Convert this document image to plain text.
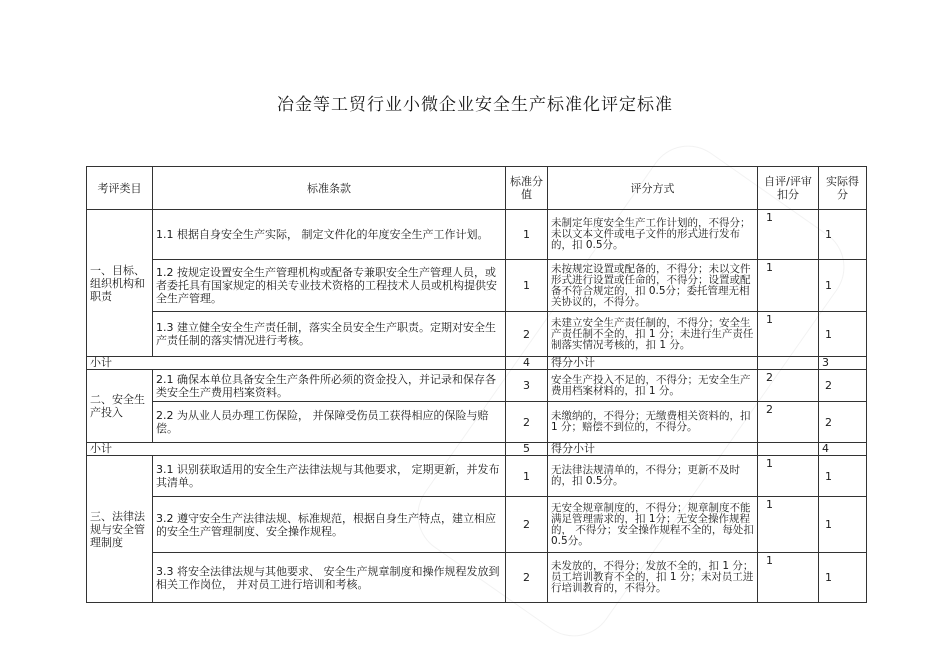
冶金等工贸行业小微企业安全生产标准化评定标准
考评类目	标准条款	标准分值	评分方式	自评/评审扣分	实际得分
一、目标、组织机构和职责	1.1 根据自身安全生产实际， 制定文件化的年度安全生产工作计划。	1	未制定年度安全生产工作计划的，不得分；未以文本文件或电子文件的形式进行发布的，扣 0.5分。	1	1
	1.2 按规定设置安全生产管理机构或配备专兼职安全生产管理人员，或者委托具有国家规定的相关专业技术资格的工程技术人员或机构提供安全生产管理。	1	未按规定设置或配备的，不得分；未以文件形式进行设置或任命的，不得分；设置或配备不符合规定的，扣 0.5分；委托管理无相关协议的，不得分。	1	1
	1.3 建立健全安全生产责任制，落实全员安全生产职责。定期对安全生产责任制的落实情况进行考核。	2	未建立安全生产责任制的，不得分；安全生产责任制不全的，扣 1 分；未进行生产责任制落实情况考核的，扣 1 分。	1	1
小计		4	得分小计		3
二、安全生产投入	2.1 确保本单位具备安全生产条件所必须的资金投入，并记录和保存各类安全生产费用档案资料。	3	安全生产投入不足的，不得分；无安全生产费用档案材料的，扣 1 分。	2	2
	2.2 为从业人员办理工伤保险， 并保障受伤员工获得相应的保险与赔偿。	2	未缴纳的，不得分；无缴费相关资料的，扣 1 分；赔偿不到位的，不得分。	2	2
小计		5	得分小计		4
三、法律法规与安全管理制度	3.1 识别获取适用的安全生产法律法规与其他要求， 定期更新，并发布其清单。	1	无法律法规清单的，不得分；更新不及时的，扣 0.5分。	1	1
	3.2 遵守安全生产法律法规、标准规范，根据自身生产特点，建立相应的安全生产管理制度、安全操作规程。	2	无安全规章制度的，不得分；规章制度不能满足管理需求的，扣 1分；无安全操作规程的， 不得分；安全操作规程不全的，每处扣 0.5分。	1	1
	3.3 将安全法律法规与其他要求、 安全生产规章制度和操作规程发放到相关工作岗位， 并对员工进行培训和考核。	2	未发放的，不得分；发放不全的，扣 1 分；员工培训教育不全的，扣 1 分；未对员工进行培训教育的，不得分。	1	1
